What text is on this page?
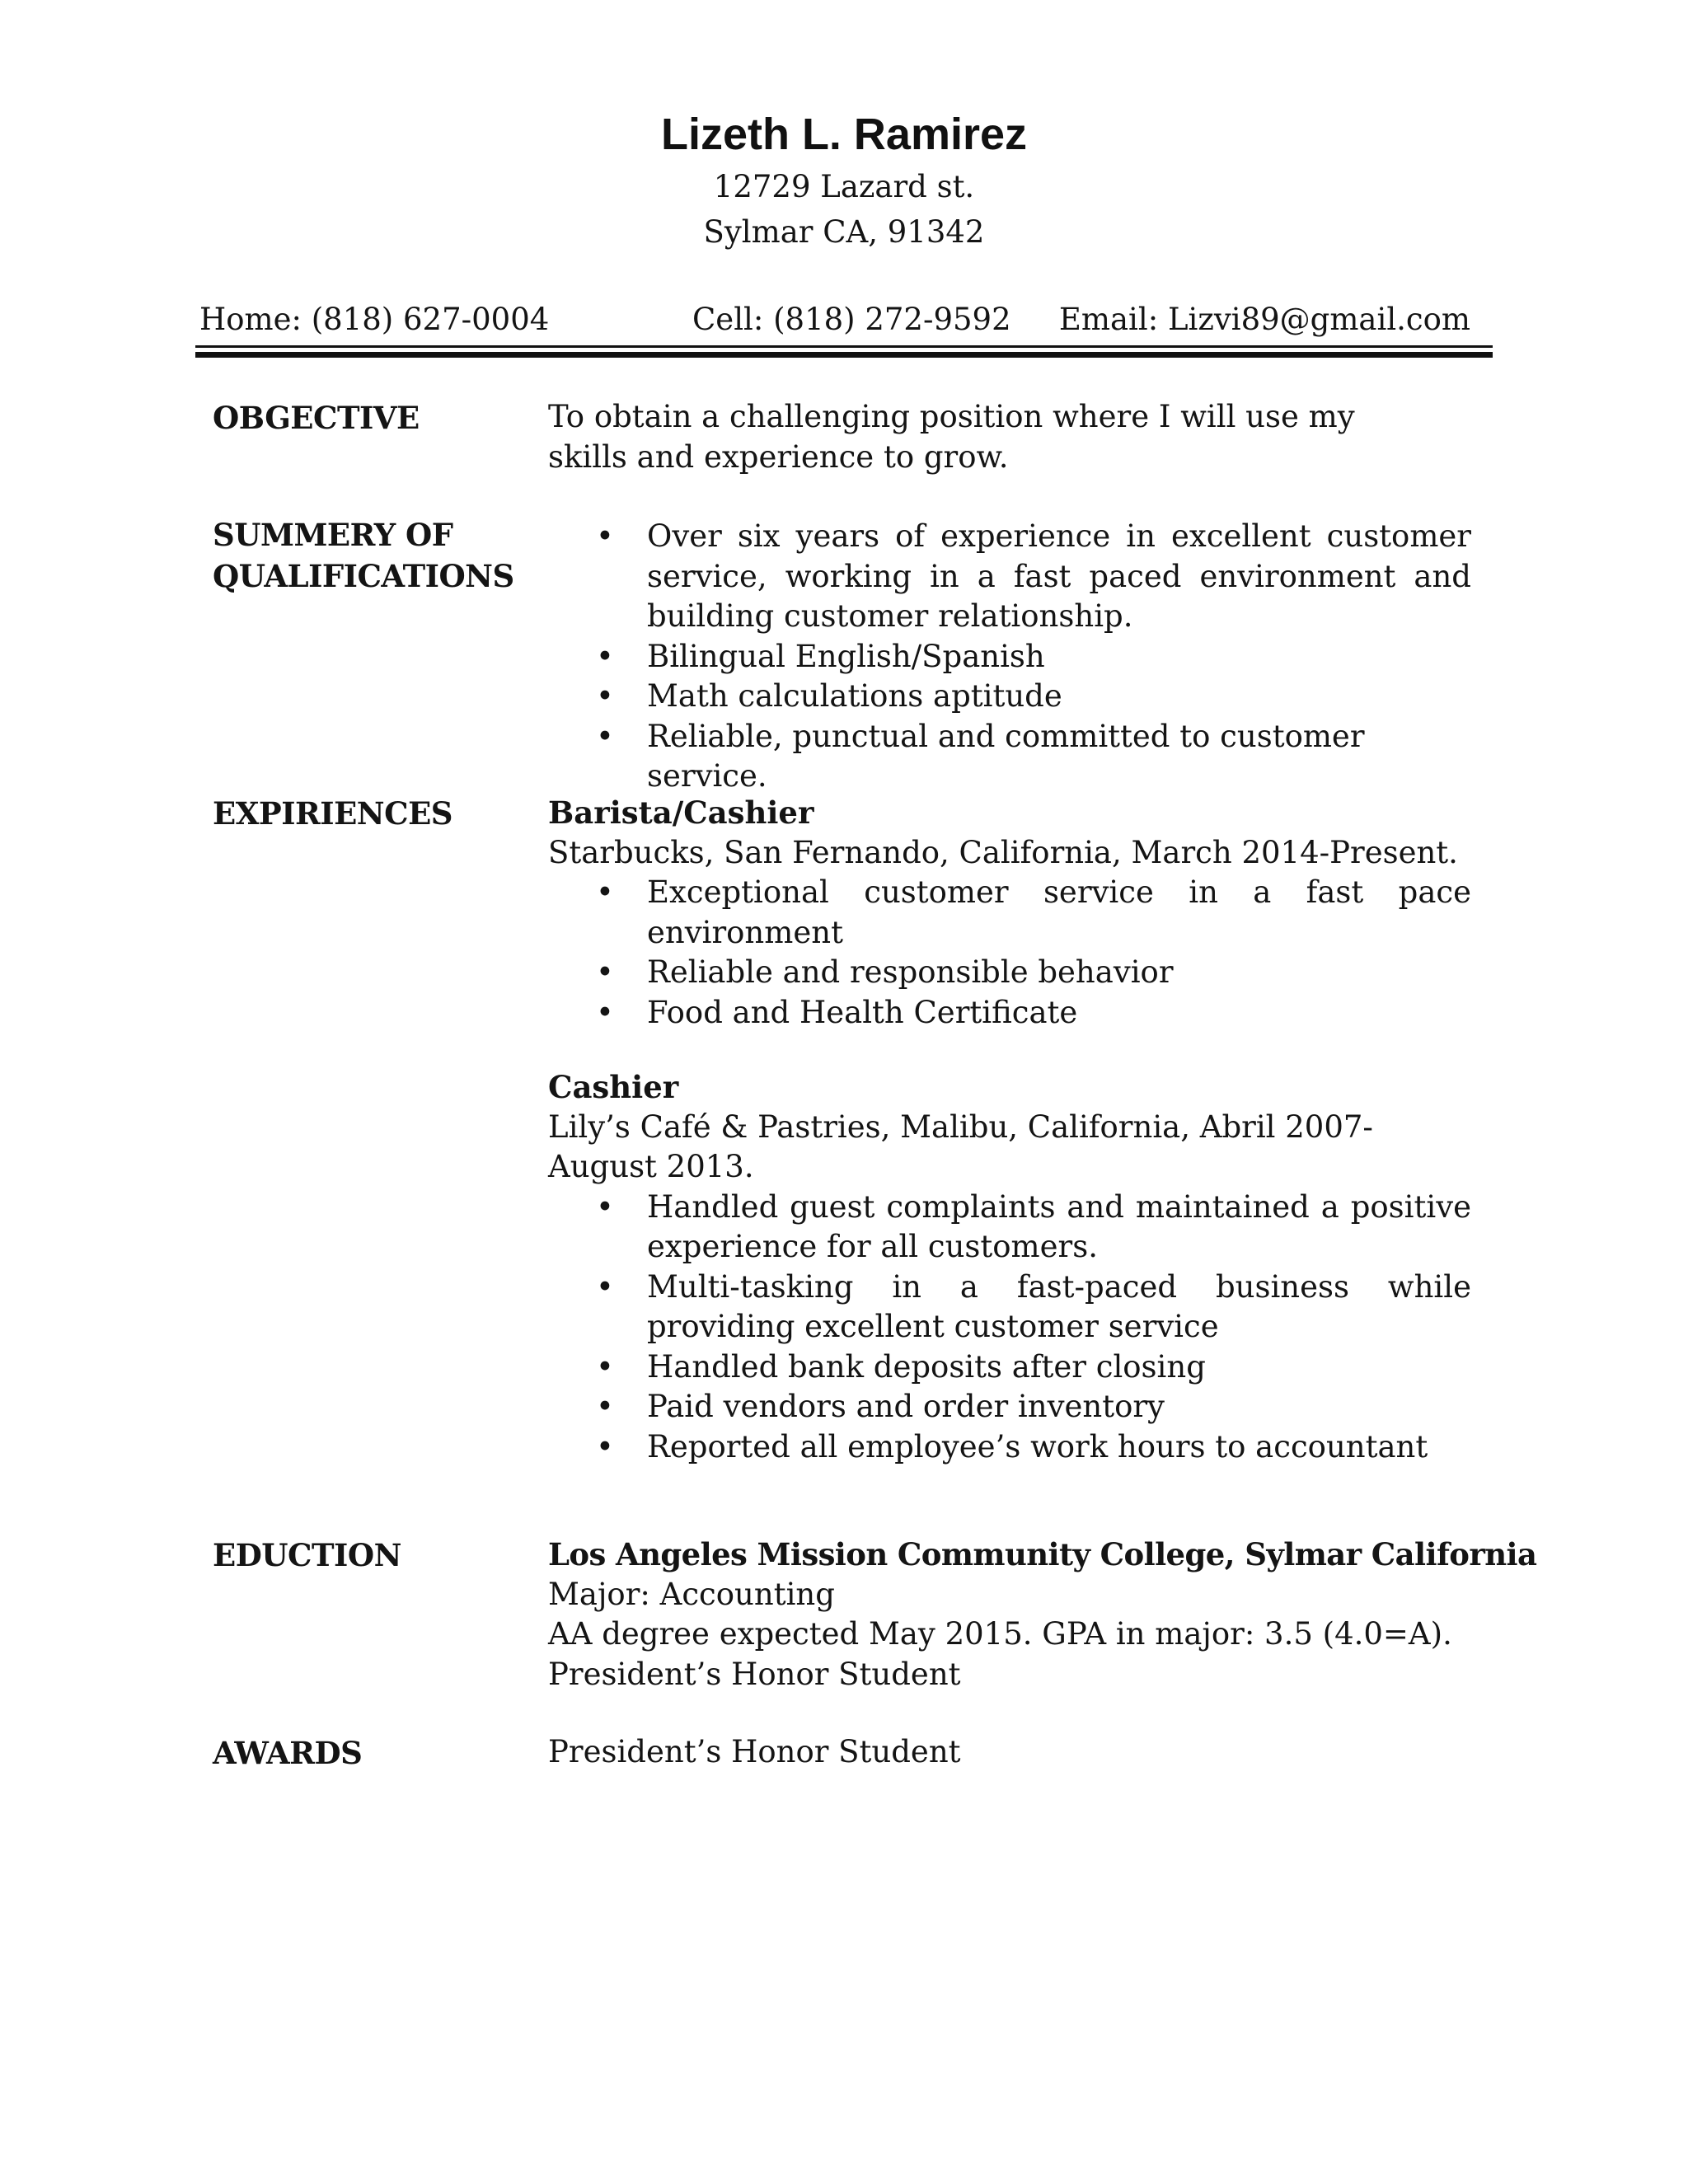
Lizeth L. Ramirez
12729 Lazard st.
Sylmar CA, 91342
Home: (818) 627-0004	Cell: (818) 272-9592 Email: Lizvi89@gmail.com
OBGECTIVE	To obtain a challenging position where I will use my skills and experience to grow.
SUMMERY OF
QUALIFICATIONS
• Over six years of experience in excellent customer service, working in a fast paced environment and building customer relationship.
• Bilingual English/Spanish
• Math calculations aptitude
• Reliable, punctual and committed to customer service.
EXPIRIENCES	Barista/Cashier
Starbucks, San Fernando, California, March 2014-Present.
• Exceptional customer service in a fast pace environment
• Reliable and responsible behavior
• Food and Health Certificate
Cashier
Lily’s Café & Pastries, Malibu, California, Abril 2007-August 2013.
• Handled guest complaints and maintained a positive experience for all customers.
• Multi-tasking in a fast-paced business while providing excellent customer service
• Handled bank deposits after closing
• Paid vendors and order inventory
• Reported all employee’s work hours to accountant
EDUCTION	Los Angeles Mission Community College, Sylmar California
Major: Accounting
AA degree expected May 2015. GPA in major: 3.5 (4.0=A).
President’s Honor Student
AWARDS	President’s Honor Student
